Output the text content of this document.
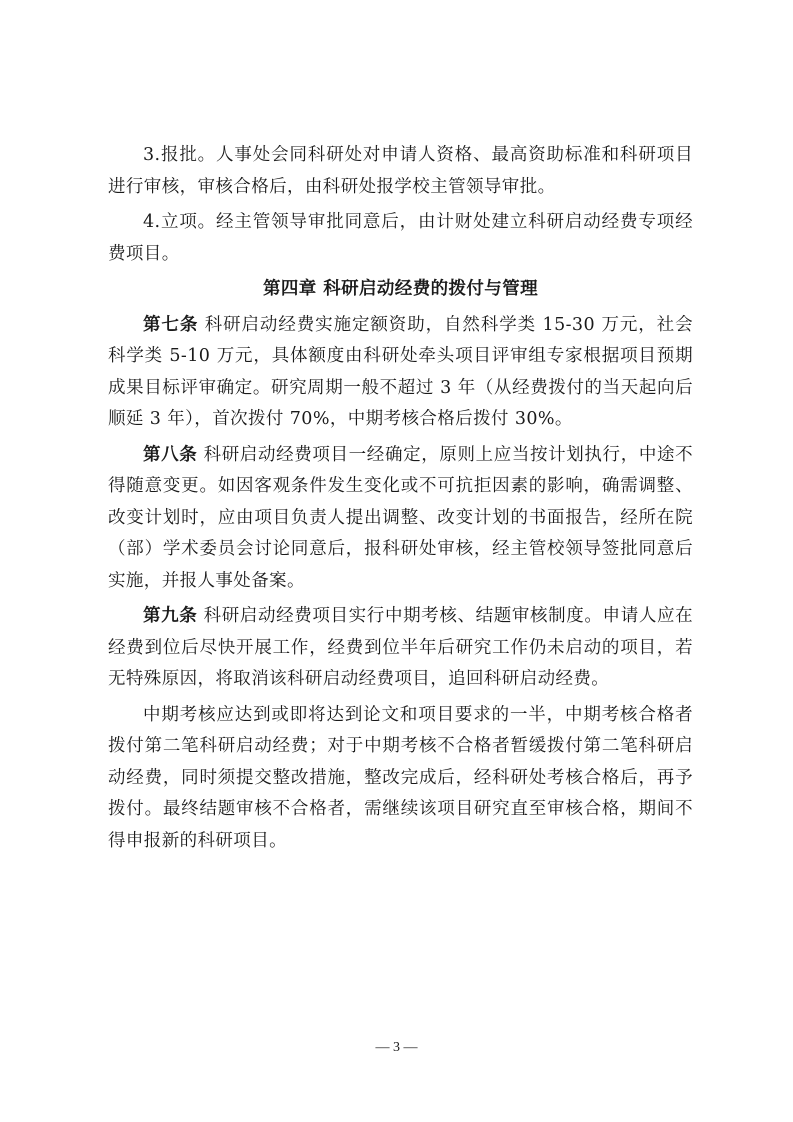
3.报批。人事处会同科研处对申请人资格、最高资助标准和科研项目进行审核，审核合格后，由科研处报学校主管领导审批。

4.立项。经主管领导审批同意后，由计财处建立科研启动经费专项经费项目。

第四章 科研启动经费的拨付与管理

第七条 科研启动经费实施定额资助，自然科学类 15-30 万元，社会科学类 5-10 万元，具体额度由科研处牵头项目评审组专家根据项目预期成果目标评审确定。研究周期一般不超过 3 年（从经费拨付的当天起向后顺延 3 年），首次拨付 70%，中期考核合格后拨付 30%。

第八条 科研启动经费项目一经确定，原则上应当按计划执行，中途不得随意变更。如因客观条件发生变化或不可抗拒因素的影响，确需调整、改变计划时，应由项目负责人提出调整、改变计划的书面报告，经所在院（部）学术委员会讨论同意后，报科研处审核，经主管校领导签批同意后实施，并报人事处备案。

第九条 科研启动经费项目实行中期考核、结题审核制度。申请人应在经费到位后尽快开展工作，经费到位半年后研究工作仍未启动的项目，若无特殊原因，将取消该科研启动经费项目，追回科研启动经费。

中期考核应达到或即将达到论文和项目要求的一半，中期考核合格者拨付第二笔科研启动经费；对于中期考核不合格者暂缓拨付第二笔科研启动经费，同时须提交整改措施，整改完成后，经科研处考核合格后，再予拨付。最终结题审核不合格者，需继续该项目研究直至审核合格，期间不得申报新的科研项目。

— 3 —
